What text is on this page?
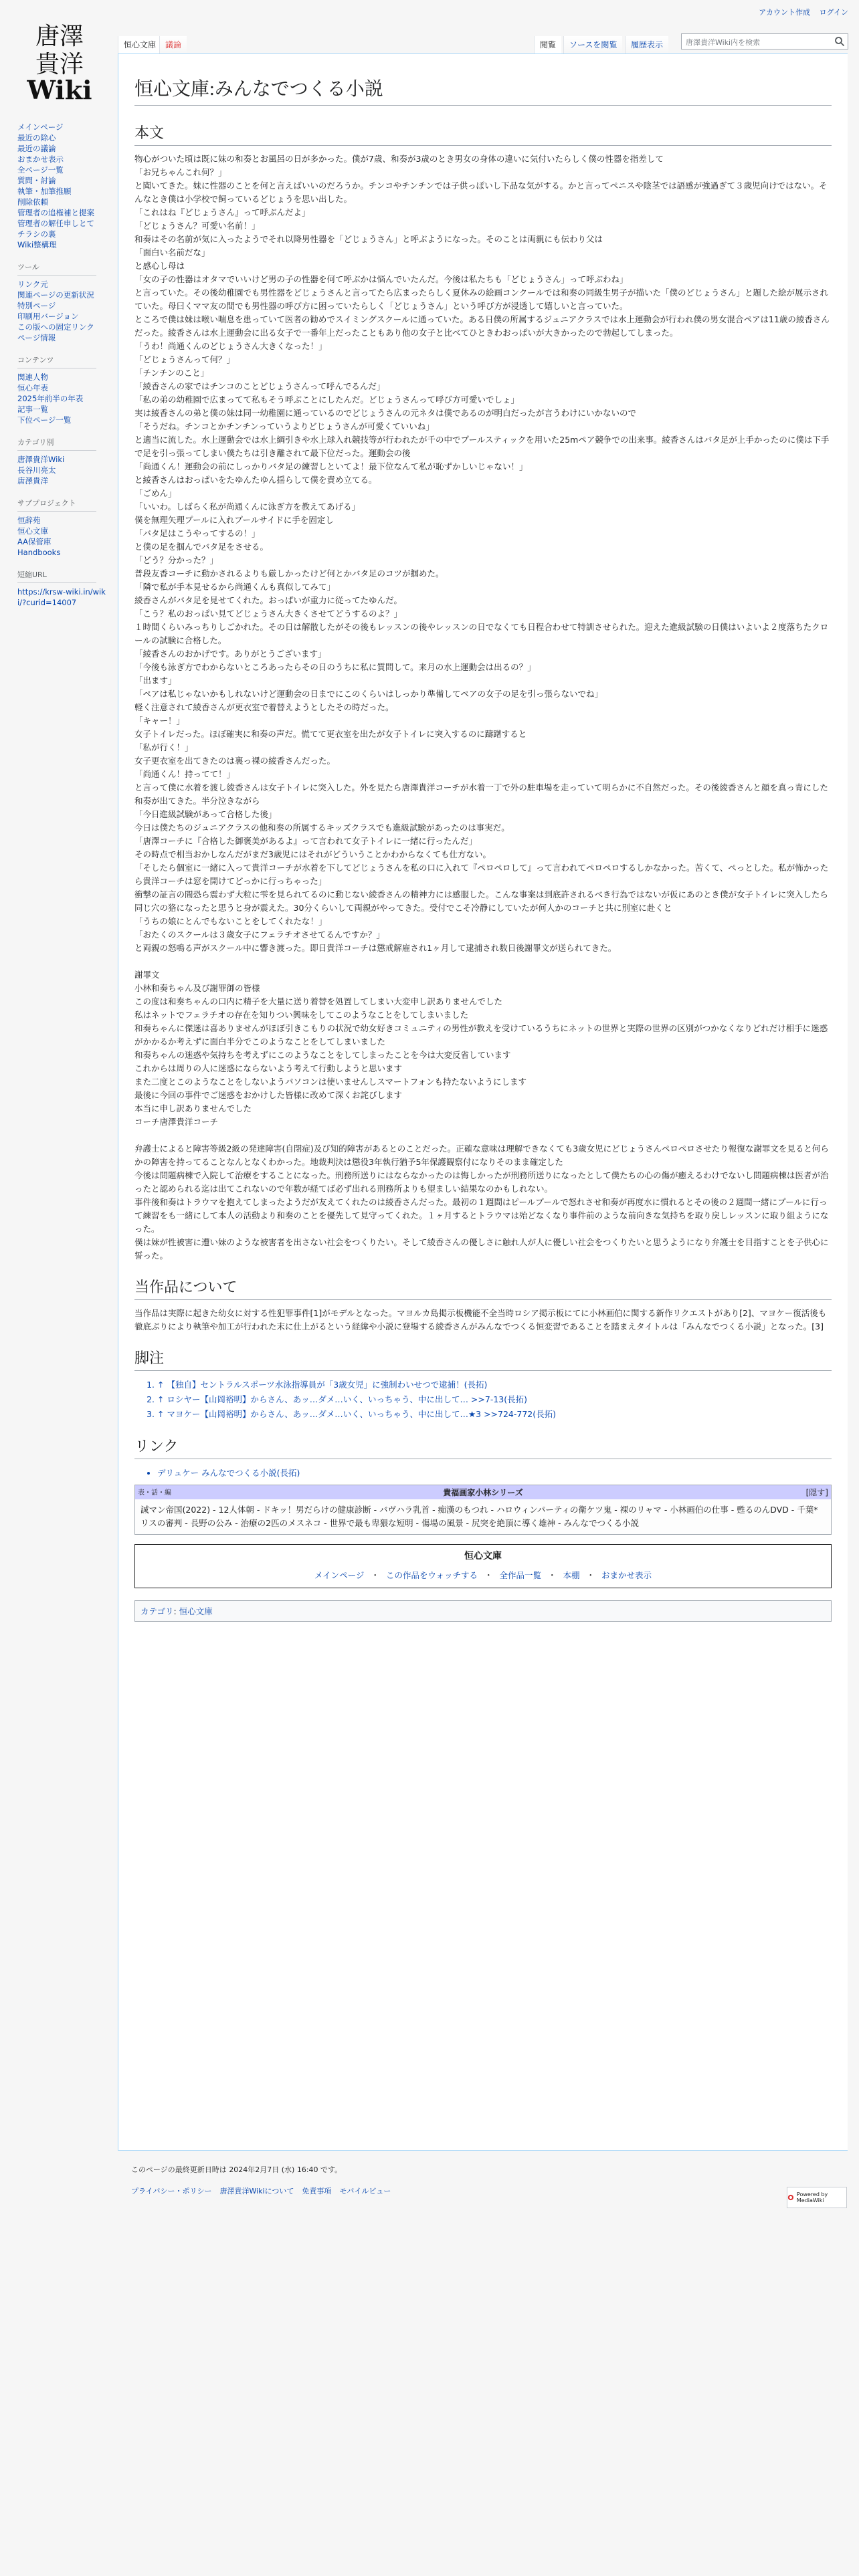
アカウント作成 ログイン
唐澤
貴洋
Wiki
メインページ
最近の除心
最近の議論
おまかせ表示
全ページ一覧
質問・討論
執筆・加筆推願
削除依頼
管理者の追権補と提案
管理者の解任申しとて
チラシの裏
Wiki整構理
ツール
リンク元
関連ページの更新状況
特別ページ
印刷用バージョン
この版への固定リンク
ページ情報
コンテンツ
関連人物
恒心年表
2025年前半の年表
記事一覧
下位ページ一覧
カテゴリ別
唐澤貴洋Wiki
長谷川亮太
唐澤貴洋
サブプロジェクト
恒辞苑
恒心文庫
AA保管庫
Handbooks
短縮URL
https://krsw-wiki.in/wiki/?curid=14007
恒心文庫	議論	閲覧	ソースを閲覧	履歴表示	唐澤貴洋Wiki内を検索
恒心文庫:みんなでつくる小説
本文

物心がついた頃は既に妹の和奏とお風呂の日が多かった。僕が7歳、和奏が3歳のとき男女の身体の違いに気付いたらしく僕の性器を指差して

「お兄ちゃんこれ何？」

と聞いてきた。妹に性器のことを何と言えばいいのだろうか。チンコやチンチンでは子供っぽいし下品な気がする。かと言ってペニスや陰茎では語感が強過ぎて３歳児向けではない。そんなとき僕は小学校で飼っているどじょうを思い出した。

「これはね『どじょうさん』って呼ぶんだよ」

「どじょうさん？可愛い名前！」

和奏はその名前が気に入ったようでそれ以降男性器を「どじょうさん」と呼ぶようになった。そのことは両親にも伝わり父は

「面白い名前だな」

と感心し母は

「女の子の性器はオタマでいいけど男の子の性器を何て呼ぶかは悩んでいたんだ。今後は私たちも「どじょうさん」って呼ぶわね」

と言っていた。その後幼稚園でも男性器をどじょうさんと言ってたら広まったらしく夏休みの絵画コンクールでは和奏の同級生男子が描いた「僕のどじょうさん」と題した絵が展示されていた。母曰くママ友の間でも男性器の呼び方に困っていたらしく「どじょうさん」という呼び方が浸透して嬉しいと言っていた。

ところで僕は妹は喉い喘息を患っていて医者の勧めでスイミングスクールに通っていた。ある日僕の所属するジュニアクラスでは水上運動会が行われ僕の男女混合ペアは11歳の綾香さんだった。綾香さんは水上運動会に出る女子で一番年上だったこともあり他の女子と比べてひときわおっぱいが大きかったので勃起してしまった。

「うわ！尚通くんのどじょうさん大きくなった！」

「どじょうさんって何？」

「チンチンのこと」

「綾香さんの家ではチンコのことどじょうさんって呼んでるんだ」

「私の弟の幼稚園で広まってて私もそう呼ぶことにしたんだ。どじょうさんって呼び方可愛いでしょ」

実は綾香さんの弟と僕の妹は同一幼稚園に通っているのでどじょうさんの元ネタは僕であるのが明白だったが言うわけにいかないので

「そうだね。チンコとかチンチンっていうよりどじょうさんが可愛くていいね」

と適当に流した。水上運動会では水上綱引きや水上球入れ競技等が行われたが千の中でプールスティックを用いた25mペア競争での出来事。綾香さんはバタ足が上手かったのに僕は下手で足を引っ張ってしまい僕たちは引き離されて最下位だった。運動会の後

「尚通くん！運動会の前にしっかりバタ足の練習しといてよ！最下位なんて私が恥ずかしいじゃない！」

と綾香さんはおっぱいをたゆんたゆん揺らして僕を責め立てる。

「ごめん」

「いいわ。しばらく私が尚通くんに泳ぎ方を教えてあげる」

僕を無理矢理プールに入れプールサイドに手を固定し

「バタ足はこうやってするの！」

と僕の足を掴んでバタ足をさせる。

「どう？分かった？」

普段友香コーチに動かされるよりも厳しかったけど何とかバタ足のコツが掴めた。

「隣で私が手本見せるから尚通くんも真似してみて」

綾香さんがバタ足を見せてくれた。おっぱいが重力に従ってたゆんだ。

「こう？私のおっぱい見てどじょうさん大きくさせてどうするのよ？」

１時間くらいみっちりしごかれた。その日は解散したがその後もレッスンの後やレッスンの日でなくても日程合わせて特訓させられた。迎えた進級試験の日僕はいよいよ２度落ちたクロールの試験に合格した。

「綾香さんのおかげです。ありがとうございます」

「今後も泳ぎ方でわからないところあったらその日のうちに私に質問して。来月の水上運動会は出るの？」

「出ます」

「ペアは私じゃないかもしれないけど運動会の日までにこのくらいはしっかり準備してペアの女子の足を引っ張らないでね」

軽く注意されて綾香さんが更衣室で着替えようとしたその時だった。

「キャー！」

女子トイレだった。ほぼ確実に和奏の声だ。慌てて更衣室を出たが女子トイレに突入するのに躊躇すると

「私が行く！」

女子更衣室を出てきたのは裏っ裸の綾香さんだった。

「尚通くん！持ってて！」

と言って僕に水着を渡し綾香さんは女子トイレに突入した。外を見たら唐澤貴洋コーチが水着一丁で外の駐車場を走っていて明らかに不自然だった。その後綾香さんと顔を真っ青にした和奏が出てきた。半分泣きながら

「今日進級試験があって合格した後」

今日は僕たちのジュニアクラスの他和奏の所属するキッズクラスでも進級試験があったのは事実だ。

「唐澤コーチに『合格した御褒美があるよ』って言われて女子トイレに一緒に行ったんだ」

その時点で相当おかしなんだがまだ3歳児にはそれがどういうことかわからなくても仕方ない。

「そしたら個室に一緒に入って貴洋コーチが水着を下してどじょうさんを私の口に入れて『ペロペロして』って言われてペロペロするしかなかった。苦くて、ぺっとした。私が怖かったら貴洋コーチは窓を開けてどっかに行っちゃった」

衝撃の証言の間恐ら震わず大粒に雫を見られてるのに動じない綾香さんの精神力には感服した。こんな事案は到底許されるべき行為ではないが仮にあのとき僕が女子トイレに突入したら同じ穴の狢になったと思うと身が震えた。30分くらいして両親がやってきた。受付でこそ冷静にしていたが何人かのコーチと共に別室に赴くと

「うちの娘にとんでもないことをしてくれたな！」

「おたくのスクールは３歳女子にフェラチオさせてるんですか？」

と両親の怒鳴る声がスクール中に響き渡った。即日貴洋コーチは懲戒解雇され1ヶ月して逮捕され数日後謝罪文が送られてきた。

謝罪文

小林和奏ちゃん及び謝罪御の皆様

この度は和奏ちゃんの口内に精子を大量に送り着替を処置してしまい大変申し訳ありませんでした

私はネットでフェラチオの存在を知りつい興味をしてこのようなことをしてしまいました

和奏ちゃんに傑迷は喜ありませんがほぼ引きこもりの状況で幼女好きコミュニティの男性が教えを受けているうちにネットの世界と実際の世界の区別がつかなくなりどれだけ相手に迷惑がかかるか考えずに面白半分でこのようなことをしてしまいました

和奏ちゃんの迷惑や気持ちを考えずにこのようなことをしてしまったことを今は大変反省しています

これからは周りの人に迷惑にならないよう考えて行動しようと思います

また二度とこのようなことをしないようパソコンは使いませんしスマートフォンも持たないようにします

最後に今回の事件でご迷惑をおかけした皆様に改めて深くお詫びします

本当に申し訳ありませんでした

コーチ唐澤貴洋コーチ

弁護士によると障害等級2級の発達障害(自閉症)及び知的障害があるとのことだった。正確な意味は理解できなくても3歳女児にどじょうさんペロペロさせたり報復な謝罪文を見ると何らかの障害を持ってることなんとなくわかった。地裁判決は懲役3年執行猶予5年保護観察付になりそのまま確定した

今後は問題病棟で入院して治療をすることになった。刑務所送りにはならなかったのは悔しかったが刑務所送りになったとして僕たちの心の傷が癒えるわけでないし問題病棟は医者が治ったと認められる迄は出てこれないので年数が経てば必ず出れる刑務所よりも望ましい結果なのかもしれない。

事件後和奏はトラウマを抱えてしまったようだが友えてくれたのは綾香さんだった。最初の１週間はピールプールで怒れさせ和奏が再度水に慣れるとその後の２週間一緒にプールに行って練習をも一緒にして本人の活動より和奏のことを優先して見守ってくれた。１ヶ月するとトラウマは殆どなくなり事件前のような前向きな気持ちを取り戻しレッスンに取り組ようになった。

僕は妹が性被害に遭い妹のような被害者を出さない社会をつくりたい。そして綾香さんの優しさに触れ人が人に優しい社会をつくりたいと思うようになり弁護士を目指すことを子供心に誓った。

当作品について

当作品は実際に起きた幼女に対する性犯罪事件[1]がモデルとなった。マヨルカ島掲示板機能不全当時ロシア掲示板にてに小林画伯に関する新作リクエストがあり[2]、マヨケー復活後も徹底ぶりにより執筆や加工が行われた末に仕上がるという経緯や小説に登場する綾香さんがみんなでつくる恒変習であることを踏まえタイトルは「みんなでつくる小説」となった。[3]

脚注
1. ↑ 【独自】セントラルスポーツ水泳指導員が「3歳女児」に強制わいせつで逮捕！(長拓)
2. ↑ ロシヤー【山岡裕明】からさん、あッ…ダメ…いく、いっちゃう、中に出して… >>7-13(長拓)
3. ↑ マヨケー【山岡裕明】からさん、あッ…ダメ…いく、いっちゃう、中に出して…★3 >>724-772(長拓)
リンク
• デリュケー みんなでつくる小説(長拓)
表・話・編	貴福画家小林シリーズ	[隠す]
誠マン帝国(2022) - 12人体朝 - ドキッ！男だらけの健康診断 - バヴハラ乳首 - 痴漢のもつれ - ハロウィンパーティの衛ケツ鬼 - 裸のリャマ - 小林画伯の仕事 - 甦るのんDVD - 千葉*リスの審判 - 長野の公み - 治療の2匹のメスネコ - 世界で最も卑猥な短明 - 傷場の風景 - 尻突を絶頂に導く雄神 - みんなでつくる小説
恒心文庫
メインページ ・ この作品をウォッチする ・ 全作品一覧 ・ 本棚 ・ おまかせ表示
カテゴリ: 恒心文庫
このページの最終更新日時は 2024年2月7日 (水) 16:40 です。
プライバシー・ポリシー 唐澤貴洋Wikiについて 免責事項 モバイルビュー	Powered by MediaWiki
